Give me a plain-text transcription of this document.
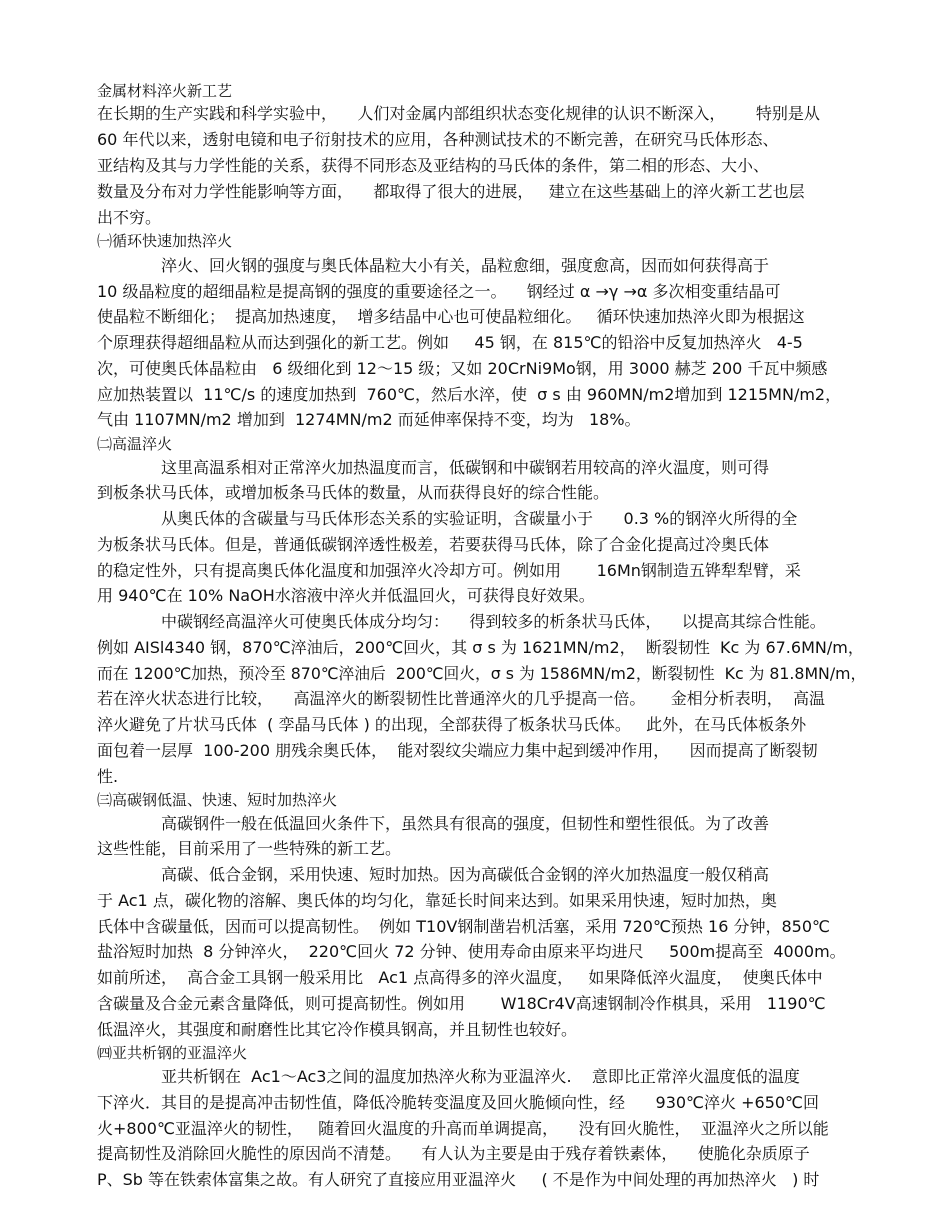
金属材料淬火新工艺

在长期的生产实践和科学实验中，    人们对金属内部组织状态变化规律的认识不断深入，      特别是从

60 年代以来，透射电镜和电子衍射技术的应用，各种测试技术的不断完善，在研究马氏体形态、

亚结构及其与力学性能的关系，获得不同形态及亚结构的马氏体的条件，第二相的形态、大小、

数量及分布对力学性能影响等方面，    都取得了很大的进展，   建立在这些基础上的淬火新工艺也层

出不穷。

㈠循环快速加热淬火

淬火、回火钢的强度与奥氏体晶粒大小有关，晶粒愈细，强度愈高，因而如何获得高于

10 级晶粒度的超细晶粒是提高钢的强度的重要途径之一。    钢经过 α →γ →α 多次相变重结晶可

使晶粒不断细化；  提高加热速度，  增多结晶中心也可使晶粒细化。   循环快速加热淬火即为根据这

个原理获得超细晶粒从而达到强化的新工艺。例如     45 钢，在 815℃的铅浴中反复加热淬火   4-5

次，可使奥氏体晶粒由   6 级细化到 12～15 级；又如 20CrNi9Mo钢，用 3000 赫芝 200 千瓦中频感

应加热装置以  11℃/s 的速度加热到  760℃，然后水淬，使  σ s 由 960MN/m2增加到 1215MN/m2，

气由 1107MN/m2 增加到  1274MN/m2 而延伸率保持不变，均为   18%。

㈡高温淬火

这里高温系相对正常淬火加热温度而言，低碳钢和中碳钢若用较高的淬火温度，则可得

到板条状马氏体，或增加板条马氏体的数量，从而获得良好的综合性能。

从奥氏体的含碳量与马氏体形态关系的实验证明，含碳量小于      0.3 %的钢淬火所得的全

为板条状马氏体。但是，普通低碳钢淬透性极差，若要获得马氏体，除了合金化提高过冷奥氏体

的稳定性外，只有提高奥氏体化温度和加强淬火冷却方可。例如用       16Mn钢制造五铧犁犁臂，采

用 940℃在 10% NaOH水溶液中淬火并低温回火，可获得良好效果。

中碳钢经高温淬火可使奥氏体成分均匀：    得到较多的析条状马氏体，    以提高其综合性能。

例如 AISl4340 钢，870℃淬油后，200℃回火，其 σ s 为 1621MN/m2，  断裂韧性  Kc 为 67.6MN/m，

而在 1200℃加热，预冷至 870℃淬油后  200℃回火，σ s 为 1586MN/m2，断裂韧性  Kc 为 81.8MN/m，

若在淬火状态进行比较，    高温淬火的断裂韧性比普通淬火的几乎提高一倍。     金相分析表明，  高温

淬火避免了片状马氏体  ( 孪晶马氏体 ) 的出现，全部获得了板条状马氏体。   此外，在马氏体板条外

面包着一层厚  100-200 朋残余奥氏体，  能对裂纹尖端应力集中起到缓冲作用，    因而提高了断裂韧

性.

㈢高碳钢低温、快速、短时加热淬火

高碳钢件一般在低温回火条件下，虽然具有很高的强度，但韧性和塑性很低。为了改善

这些性能，目前采用了一些特殊的新工艺。

高碳、低合金钢，采用快速、短时加热。因为高碳低合金钢的淬火加热温度一般仅稍高

于 Ac1 点，碳化物的溶解、奥氏体的均匀化，靠延长时间来达到。如果采用快速，短时加热，奥

氏体中含碳量低，因而可以提高韧性。  例如 T10V钢制凿岩机活塞，采用 720℃预热 16 分钟，850℃

盐浴短时加热  8 分钟淬火，  220℃回火 72 分钟、使用寿命由原来平均进尺     500m提高至  4000m。

如前所述，  高合金工具钢一般采用比   Ac1 点高得多的淬火温度，   如果降低淬火温度，  使奥氏体中

含碳量及合金元素含量降低，则可提高韧性。例如用       W18Cr4V高速钢制冷作棋具，采用   1190℃

低温淬火，其强度和耐磨性比其它冷作模具钢高，并且韧性也较好。

㈣亚共析钢的亚温淬火

亚共析钢在  Ac1～Ac3之间的温度加热淬火称为亚温淬火.    意即比正常淬火温度低的温度

下淬火．其目的是提高冲击韧性值，降低冷脆转变温度及回火脆倾向性，经      930℃淬火 +650℃回

火+800℃亚温淬火的韧性，   随着回火温度的升高而单调提高，    没有回火脆性，  亚温淬火之所以能

提高韧性及消除回火脆性的原因尚不清楚。    有人认为主要是由于残存着铁素体，    使脆化杂质原子

P、Sb 等在铁索体富集之故。有人研究了直接应用亚温淬火     ( 不是作为中间处理的再加热淬火   ) 时
